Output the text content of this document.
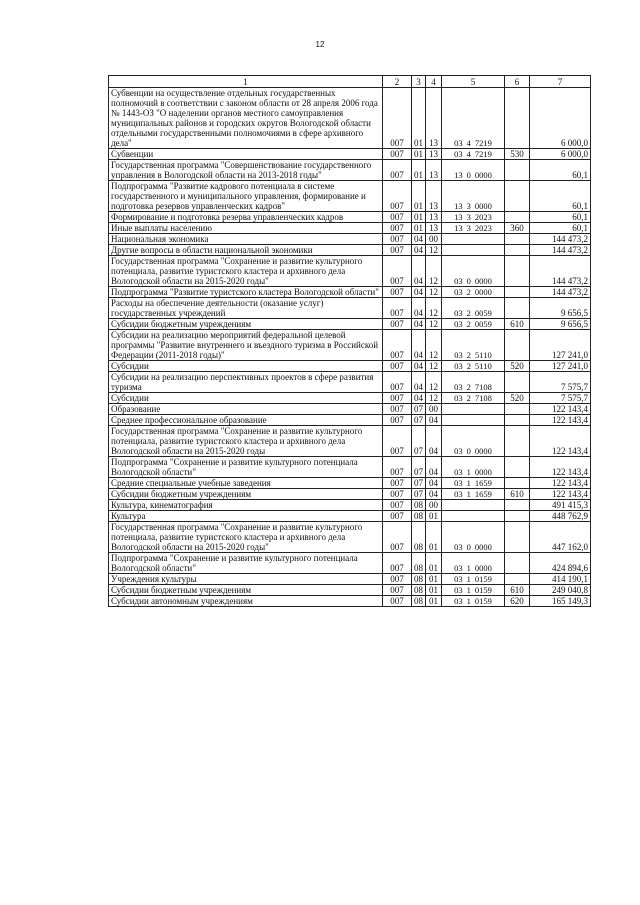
12
1	2	3	4	5	6	7
Субвенции на осуществление отдельных государственных полномочий в соответствии с законом области от 28 апреля 2006 года № 1443-ОЗ "О наделении органов местного самоуправления муниципальных районов и городских округов Вологодской области отдельными государственными полномочиями в сфере архивного дела"	007	01	13	03 4 7219		6 000,0
Субвенции	007	01	13	03 4 7219	530	6 000,0
Государственная программа "Совершенствование государственного управления в Вологодской области на 2013-2018 годы"	007	01	13	13 0 0000		60,1
Подпрограмма "Развитие кадрового потенциала в системе государственного и муниципального управления, формирование и подготовка резервов управленческих кадров"	007	01	13	13 3 0000		60,1
Формирование и подготовка резерва управленческих кадров	007	01	13	13 3 2023		60,1
Иные выплаты населению	007	01	13	13 3 2023	360	60,1
Национальная экономика	007	04	00			144 473,2
Другие вопросы в области национальной экономики	007	04	12			144 473,2
Государственная программа "Сохранение и развитие культурного потенциала, развитие туристского кластера и архивного дела Вологодской области на 2015-2020 годы"	007	04	12	03 0 0000		144 473,2
Подпрограмма "Развитие туристского кластера Вологодской области"	007	04	12	03 2 0000		144 473,2
Расходы на обеспечение деятельности (оказание услуг) государственных учреждений	007	04	12	03 2 0059		9 656,5
Субсидии бюджетным учреждениям	007	04	12	03 2 0059	610	9 656,5
Субсидии на реализацию мероприятий федеральной целевой программы "Развитие внутреннего и въездного туризма в Российской Федерации (2011-2018 годы)"	007	04	12	03 2 5110		127 241,0
Субсидии	007	04	12	03 2 5110	520	127 241,0
Субсидии на реализацию перспективных проектов в сфере развития туризма	007	04	12	03 2 7108		7 575,7
Субсидии	007	04	12	03 2 7108	520	7 575,7
Образование	007	07	00			122 143,4
Среднее профессиональное образование	007	07	04			122 143,4
Государственная программа "Сохранение и развитие культурного потенциала, развитие туристского кластера и архивного дела Вологодской области на 2015-2020 годы	007	07	04	03 0 0000		122 143,4
Подпрограмма "Сохранение и развитие культурного потенциала Вологодской области"	007	07	04	03 1 0000		122 143,4
Средние специальные учебные заведения	007	07	04	03 1 1659		122 143,4
Субсидии бюджетным учреждениям	007	07	04	03 1 1659	610	122 143,4
Культура, кинематография	007	08	00			491 415,3
Культура	007	08	01			448 762,9
Государственная программа "Сохранение и развитие культурного потенциала, развитие туристского кластера и архивного дела Вологодской области на 2015-2020 годы"	007	08	01	03 0 0000		447 162,0
Подпрограмма "Сохранение и развитие культурного потенциала Вологодской области"	007	08	01	03 1 0000		424 894,6
Учреждения культуры	007	08	01	03 1 0159		414 190,1
Субсидии бюджетным учреждениям	007	08	01	03 1 0159	610	249 040,8
Субсидии автономным учреждениям	007	08	01	03 1 0159	620	165 149,3
